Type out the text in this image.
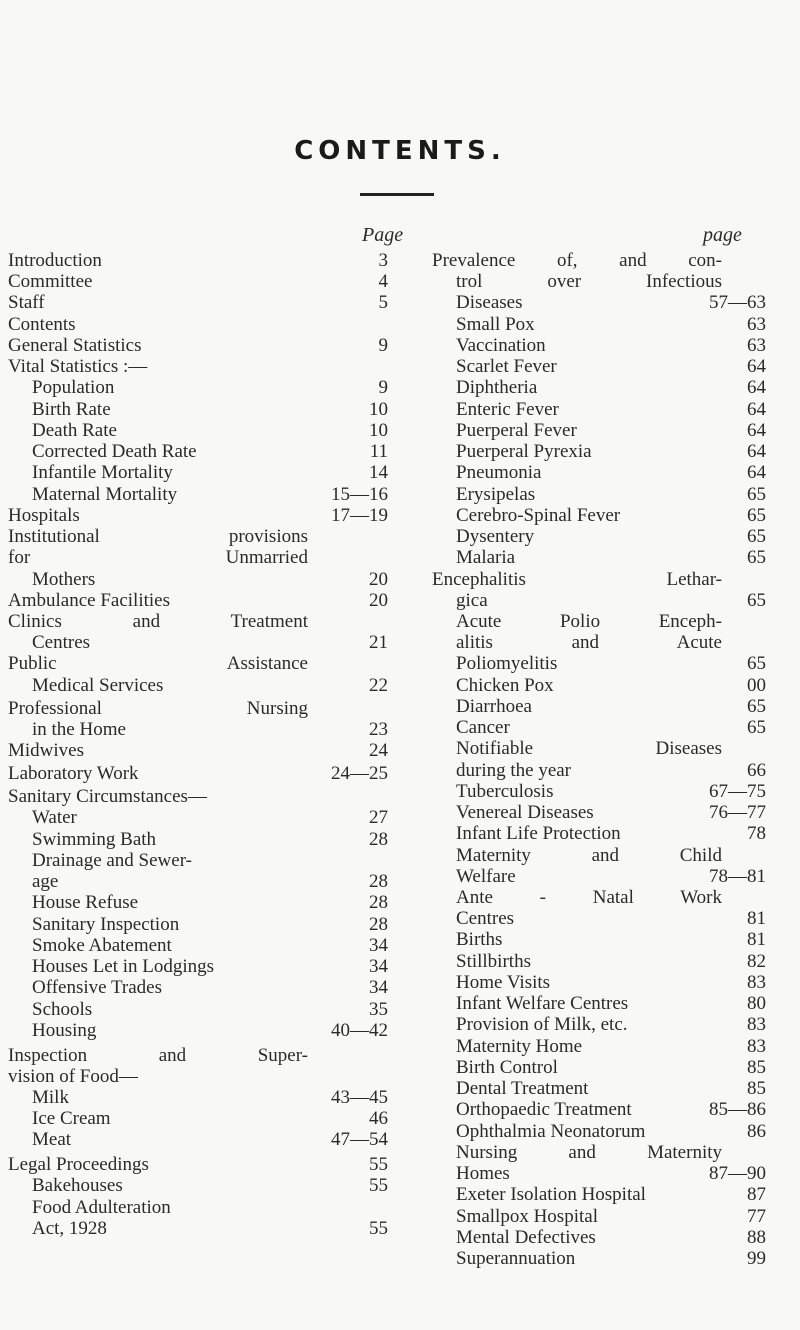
CONTENTS.
Page	page
Introduction	3
Committee	4
Staff	5
Contents
General Statistics	9
Vital Statistics :—
Population	9
Birth Rate	10
Death Rate	10
Corrected Death Rate	11
Infantile Mortality	14
Maternal Mortality	15—16
Hospitals	17—19
Institutional provisions
for Unmarried
Mothers	20
Ambulance Facilities	20
Clinics and Treatment
Centres	21
Public Assistance
Medical Services	22
Professional Nursing
in the Home	23
Midwives	24
Laboratory Work	24—25
Sanitary Circumstances—
Water	27
Swimming Bath	28
Drainage and Sewer-
age	28
House Refuse	28
Sanitary Inspection	28
Smoke Abatement	34
Houses Let in Lodgings	34
Offensive Trades	34
Schools	35
Housing	40—42
Inspection and Super-
vision of Food—
Milk	43—45
Ice Cream	46
Meat	47—54
Legal Proceedings	55
Bakehouses	55
Food Adulteration
Act, 1928	55
Prevalence of, and con-
trol over Infectious
Diseases	57—63
Small Pox	63
Vaccination	63
Scarlet Fever	64
Diphtheria	64
Enteric Fever	64
Puerperal Fever	64
Puerperal Pyrexia	64
Pneumonia	64
Erysipelas	65
Cerebro-Spinal Fever	65
Dysentery	65
Malaria	65
Encephalitis Lethar-
gica	65
Acute Polio Enceph-
alitis and Acute
Poliomyelitis	65
Chicken Pox	00
Diarrhoea	65
Cancer	65
Notifiable Diseases
during the year	66
Tuberculosis	67—75
Venereal Diseases	76—77
Infant Life Protection	78
Maternity and Child
Welfare	78—81
Ante - Natal Work
Centres	81
Births	81
Stillbirths	82
Home Visits	83
Infant Welfare Centres	80
Provision of Milk, etc.	83
Maternity Home	83
Birth Control	85
Dental Treatment	85
Orthopaedic Treatment	85—86
Ophthalmia Neonatorum	86
Nursing and Maternity
Homes	87—90
Exeter Isolation Hospital	87
Smallpox Hospital	77
Mental Defectives	88
Superannuation	99
